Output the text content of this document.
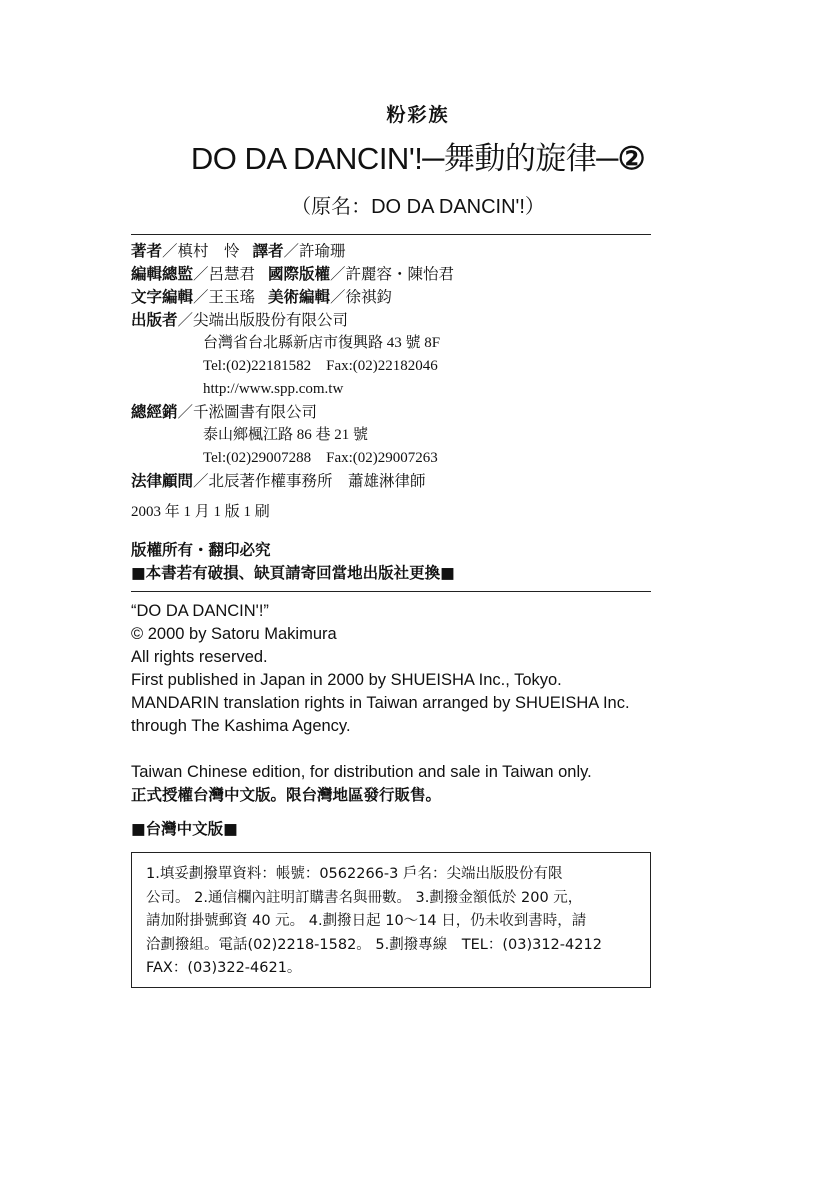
粉彩族
DO DA DANCIN'!─舞動的旋律─②
（原名：DO DA DANCIN'!）
著者／槙村　怜 譯者／許瑜珊
編輯總監／呂慧君 國際版權／許麗容・陳怡君
文字編輯／王玉瑤 美術編輯／徐祺鈞
出版者／尖端出版股份有限公司
台灣省台北縣新店市復興路 43 號 8F
Tel:(02)22181582　Fax:(02)22182046
http://www.spp.com.tw
總經銷／千淞圖書有限公司
泰山鄉楓江路 86 巷 21 號
Tel:(02)29007288　Fax:(02)29007263
法律顧問／北辰著作權事務所　蕭雄淋律師
2003 年 1 月 1 版 1 刷
版權所有・翻印必究
■本書若有破損、缺頁請寄回當地出版社更換■
“DO DA DANCIN'!”
© 2000 by Satoru Makimura
All rights reserved.
First published in Japan in 2000 by SHUEISHA Inc., Tokyo.
MANDARIN translation rights in Taiwan arranged by SHUEISHA Inc.
through The Kashima Agency.
Taiwan Chinese edition, for distribution and sale in Taiwan only.
正式授權台灣中文版。限台灣地區發行販售。
■台灣中文版■
1.填妥劃撥單資料：帳號：0562266-3 戶名：尖端出版股份有限
公司。 2.通信欄內註明訂購書名與冊數。 3.劃撥金額低於 200 元，
請加附掛號郵資 40 元。 4.劃撥日起 10～14 日，仍未收到書時，請
洽劃撥組。電話(02)2218-1582。 5.劃撥專線　TEL：(03)312-4212
FAX：(03)322-4621。
